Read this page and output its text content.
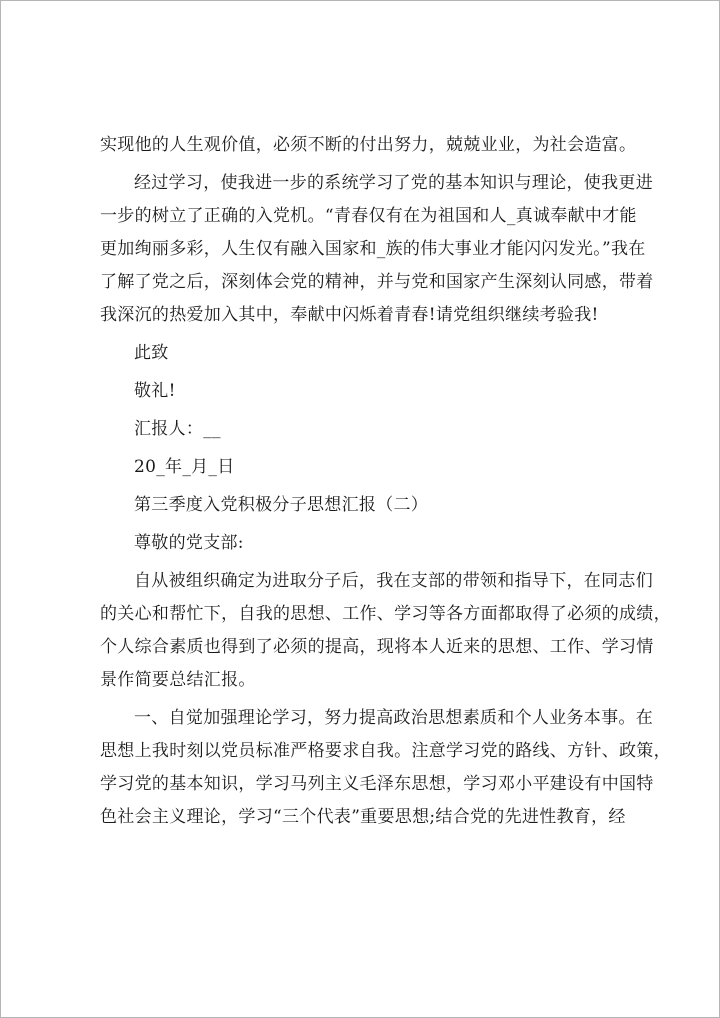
实现他的人生观价值，必须不断的付出努力，兢兢业业，为社会造富。
经过学习，使我进一步的系统学习了党的基本知识与理论，使我更进
一步的树立了正确的入党机。“青春仅有在为祖国和人_真诚奉献中才能
更加绚丽多彩，人生仅有融入国家和_族的伟大事业才能闪闪发光。”我在
了解了党之后，深刻体会党的精神，并与党和国家产生深刻认同感，带着
我深沉的热爱加入其中，奉献中闪烁着青春!请党组织继续考验我!
此致
敬礼!
汇报人：__
20_年_月_日
第三季度入党积极分子思想汇报（二）
尊敬的党支部:
自从被组织确定为进取分子后，我在支部的带领和指导下，在同志们
的关心和帮忙下，自我的思想、工作、学习等各方面都取得了必须的成绩，
个人综合素质也得到了必须的提高，现将本人近来的思想、工作、学习情
景作简要总结汇报。
一、自觉加强理论学习，努力提高政治思想素质和个人业务本事。在
思想上我时刻以党员标准严格要求自我。注意学习党的路线、方针、政策，
学习党的基本知识，学习马列主义毛泽东思想，学习邓小平建设有中国特
色社会主义理论，学习“三个代表”重要思想;结合党的先进性教育，经
